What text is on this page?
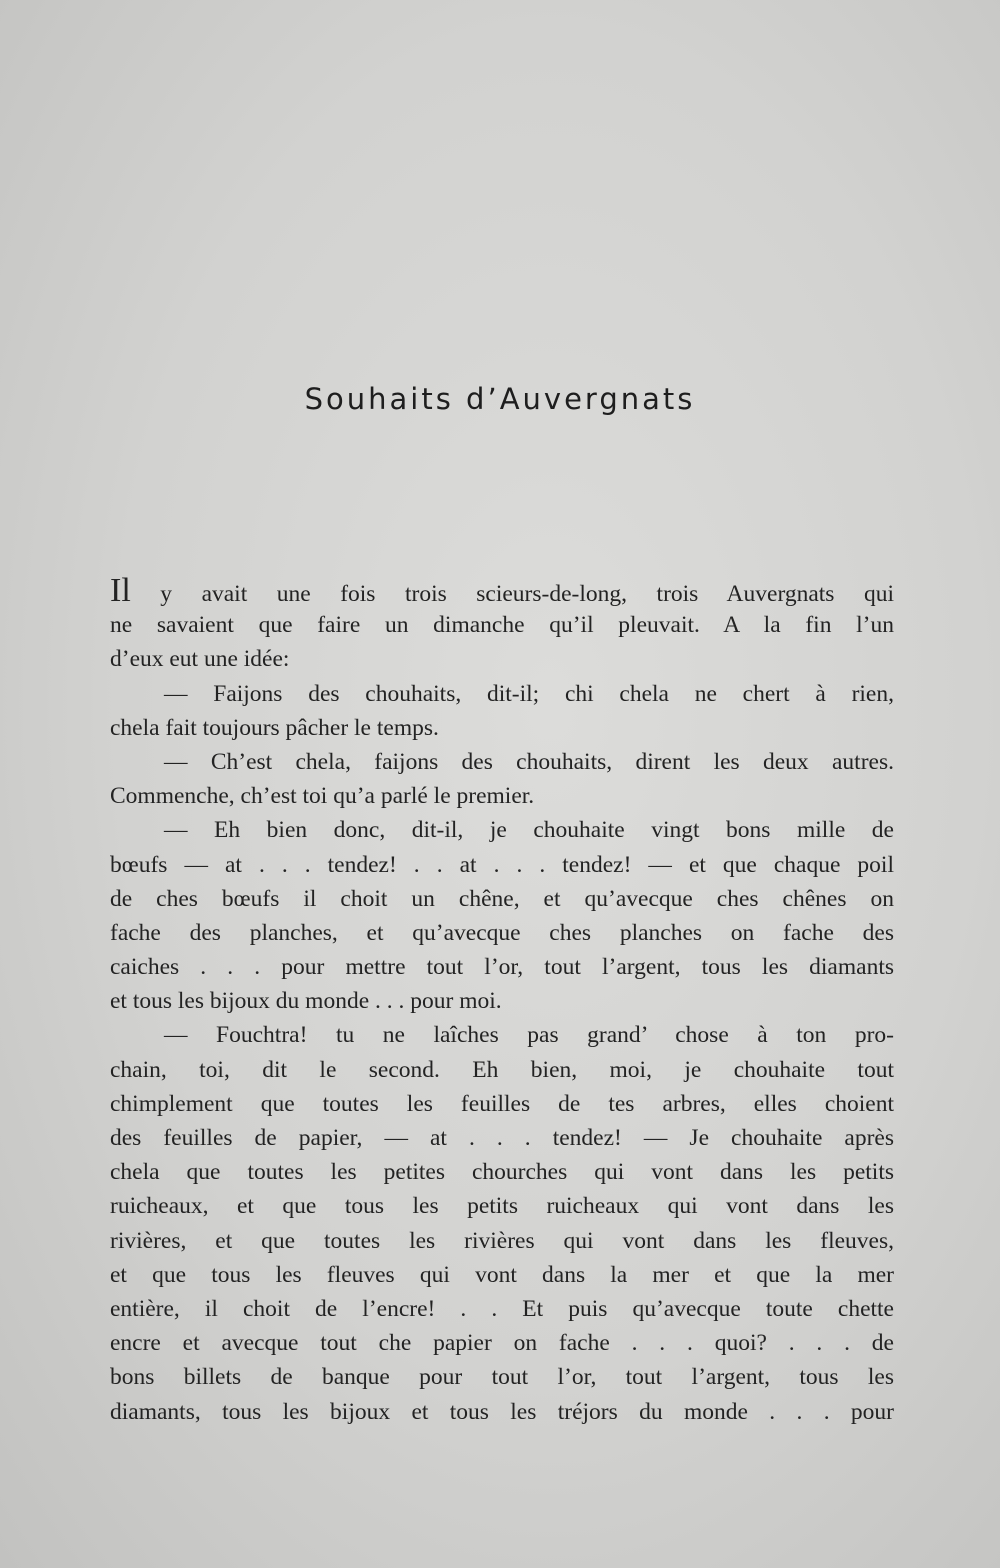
Souhaits d’Auvergnats
Il y avait une fois trois scieurs-de-long, trois Auvergnats qui
ne savaient que faire un dimanche qu’il pleuvait. A la fin l’un
d’eux eut une idée:
— Faijons des chouhaits, dit-il; chi chela ne chert à rien,
chela fait toujours pâcher le temps.
— Ch’est chela, faijons des chouhaits, dirent les deux autres.
Commenche, ch’est toi qu’a parlé le premier.
— Eh bien donc, dit-il, je chouhaite vingt bons mille de
bœufs — at . . . tendez! . . at . . . tendez! — et que chaque poil
de ches bœufs il choit un chêne, et qu’avecque ches chênes on
fache des planches, et qu’avecque ches planches on fache des
caiches . . . pour mettre tout l’or, tout l’argent, tous les diamants
et tous les bijoux du monde . . . pour moi.
— Fouchtra! tu ne laîches pas grand’ chose à ton pro-
chain, toi, dit le second. Eh bien, moi, je chouhaite tout
chimplement que toutes les feuilles de tes arbres, elles choient
des feuilles de papier, — at . . . tendez! — Je chouhaite après
chela que toutes les petites chourches qui vont dans les petits
ruicheaux, et que tous les petits ruicheaux qui vont dans les
rivières, et que toutes les rivières qui vont dans les fleuves,
et que tous les fleuves qui vont dans la mer et que la mer
entière, il choit de l’encre! . . Et puis qu’avecque toute chette
encre et avecque tout che papier on fache . . . quoi? . . . de
bons billets de banque pour tout l’or, tout l’argent, tous les
diamants, tous les bijoux et tous les tréjors du monde . . . pour
